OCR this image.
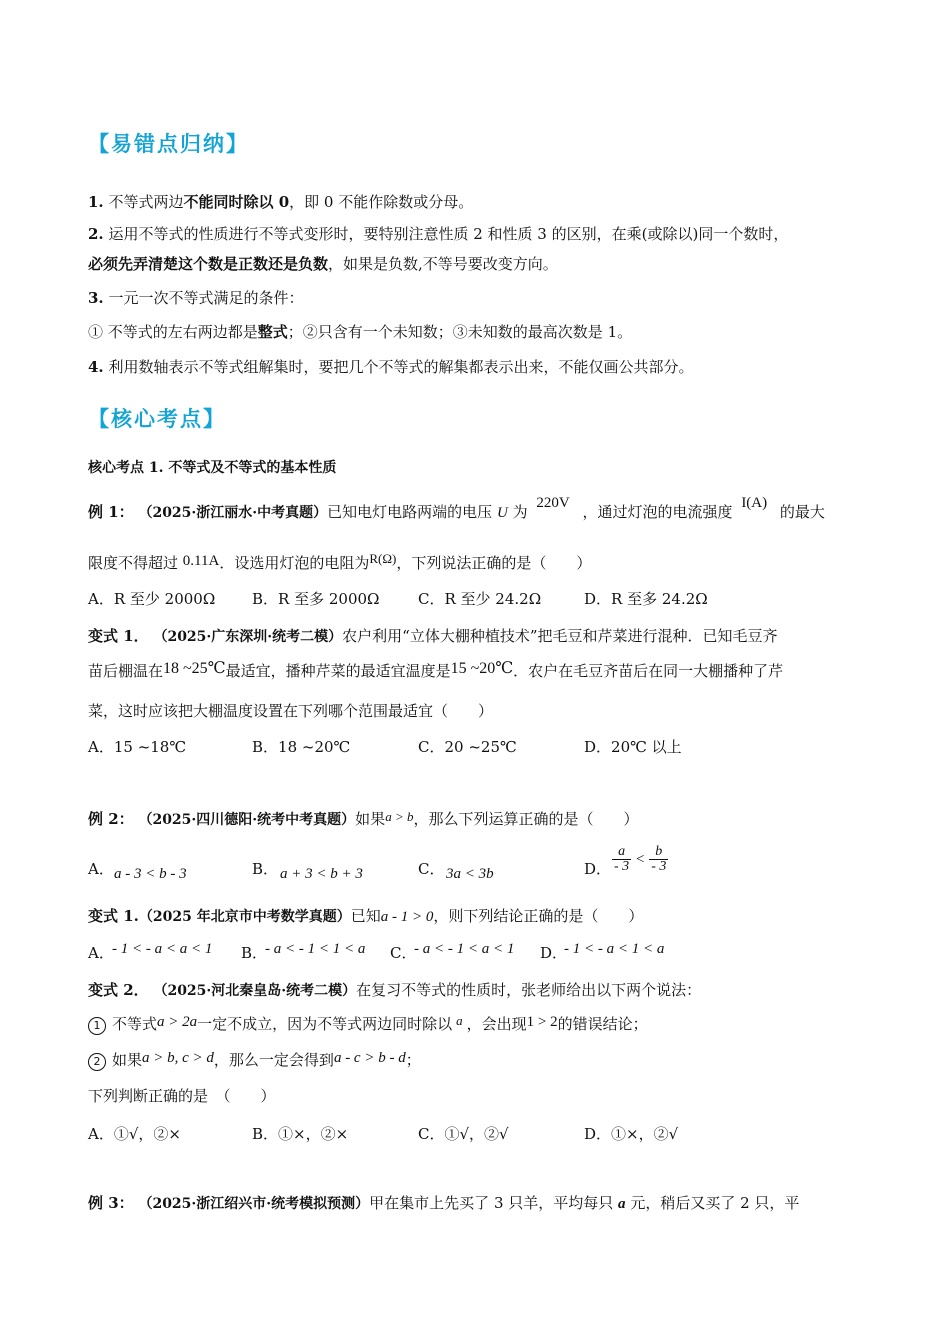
【易错点归纳】
1. 不等式两边不能同时除以 0，即 0 不能作除数或分母。
2. 运用不等式的性质进行不等式变形时，要特别注意性质 2 和性质 3 的区别，在乘(或除以)同一个数时，
必须先弄清楚这个数是正数还是负数，如果是负数,不等号要改变方向。
3. 一元一次不等式满足的条件：
① 不等式的左右两边都是整式；②只含有一个未知数；③未知数的最高次数是 1。
4. 利用数轴表示不等式组解集时，要把几个不等式的解集都表示出来，不能仅画公共部分。
【核心考点】
核心考点 1. 不等式及不等式的基本性质
例 1： （2025·浙江丽水·中考真题）已知电灯电路两端的电压 U 为 220V ，通过灯泡的电流强度 I(A) 的最大
限度不得超过 0.11A．设选用灯泡的电阻为R(Ω)，下列说法正确的是（　　）
A．R 至少 2000Ω B．R 至多 2000Ω	C．R 至少 24.2Ω	D．R 至多 24.2Ω
变式 1． （2025·广东深圳·统考二模）农户利用“立体大棚种植技术”把毛豆和芹菜进行混种．已知毛豆齐
苗后棚温在18 ~25℃最适宜，播种芹菜的最适宜温度是15 ~20℃．农户在毛豆齐苗后在同一大棚播种了芹
菜，这时应该把大棚温度设置在下列哪个范围最适宜（　　）
A．15 ~18℃	B．18 ~20℃	C．20 ~25℃	D．20℃ 以上
例 2： （2025·四川德阳·统考中考真题）如果a > b，那么下列运算正确的是（　　）
A． a - 3 < b - 3	B． a + 3 < b + 3	C． 3a < 3b	D． $\frac{a}{- 3} < \frac{b}{- 3}$
变式 1.（2025 年北京市中考数学真题）已知a - 1 > 0，则下列结论正确的是（　　）
A．
- 1 < - a < a < 1 B．
- a < - 1 < 1 < a C．
- a < - 1 < a < 1 D．
- 1 < - a < 1 < a
变式 2． （2025·河北秦皇岛·统考二模）在复习不等式的性质时，张老师给出以下两个说法：
1 不等式a > 2a一定不成立，因为不等式两边同时除以 a ，会出现1 > 2的错误结论；
2 如果a > b, c > d，那么一定会得到a - c > b - d；
下列判断正确的是　（　　）
A．①√，②×	B．①×，②×	C．①√，②√	D．①×，②√
例 3： （2025·浙江绍兴市·统考模拟预测）甲在集市上先买了 3 只羊，平均每只 a 元，稍后又买了 2 只，平
